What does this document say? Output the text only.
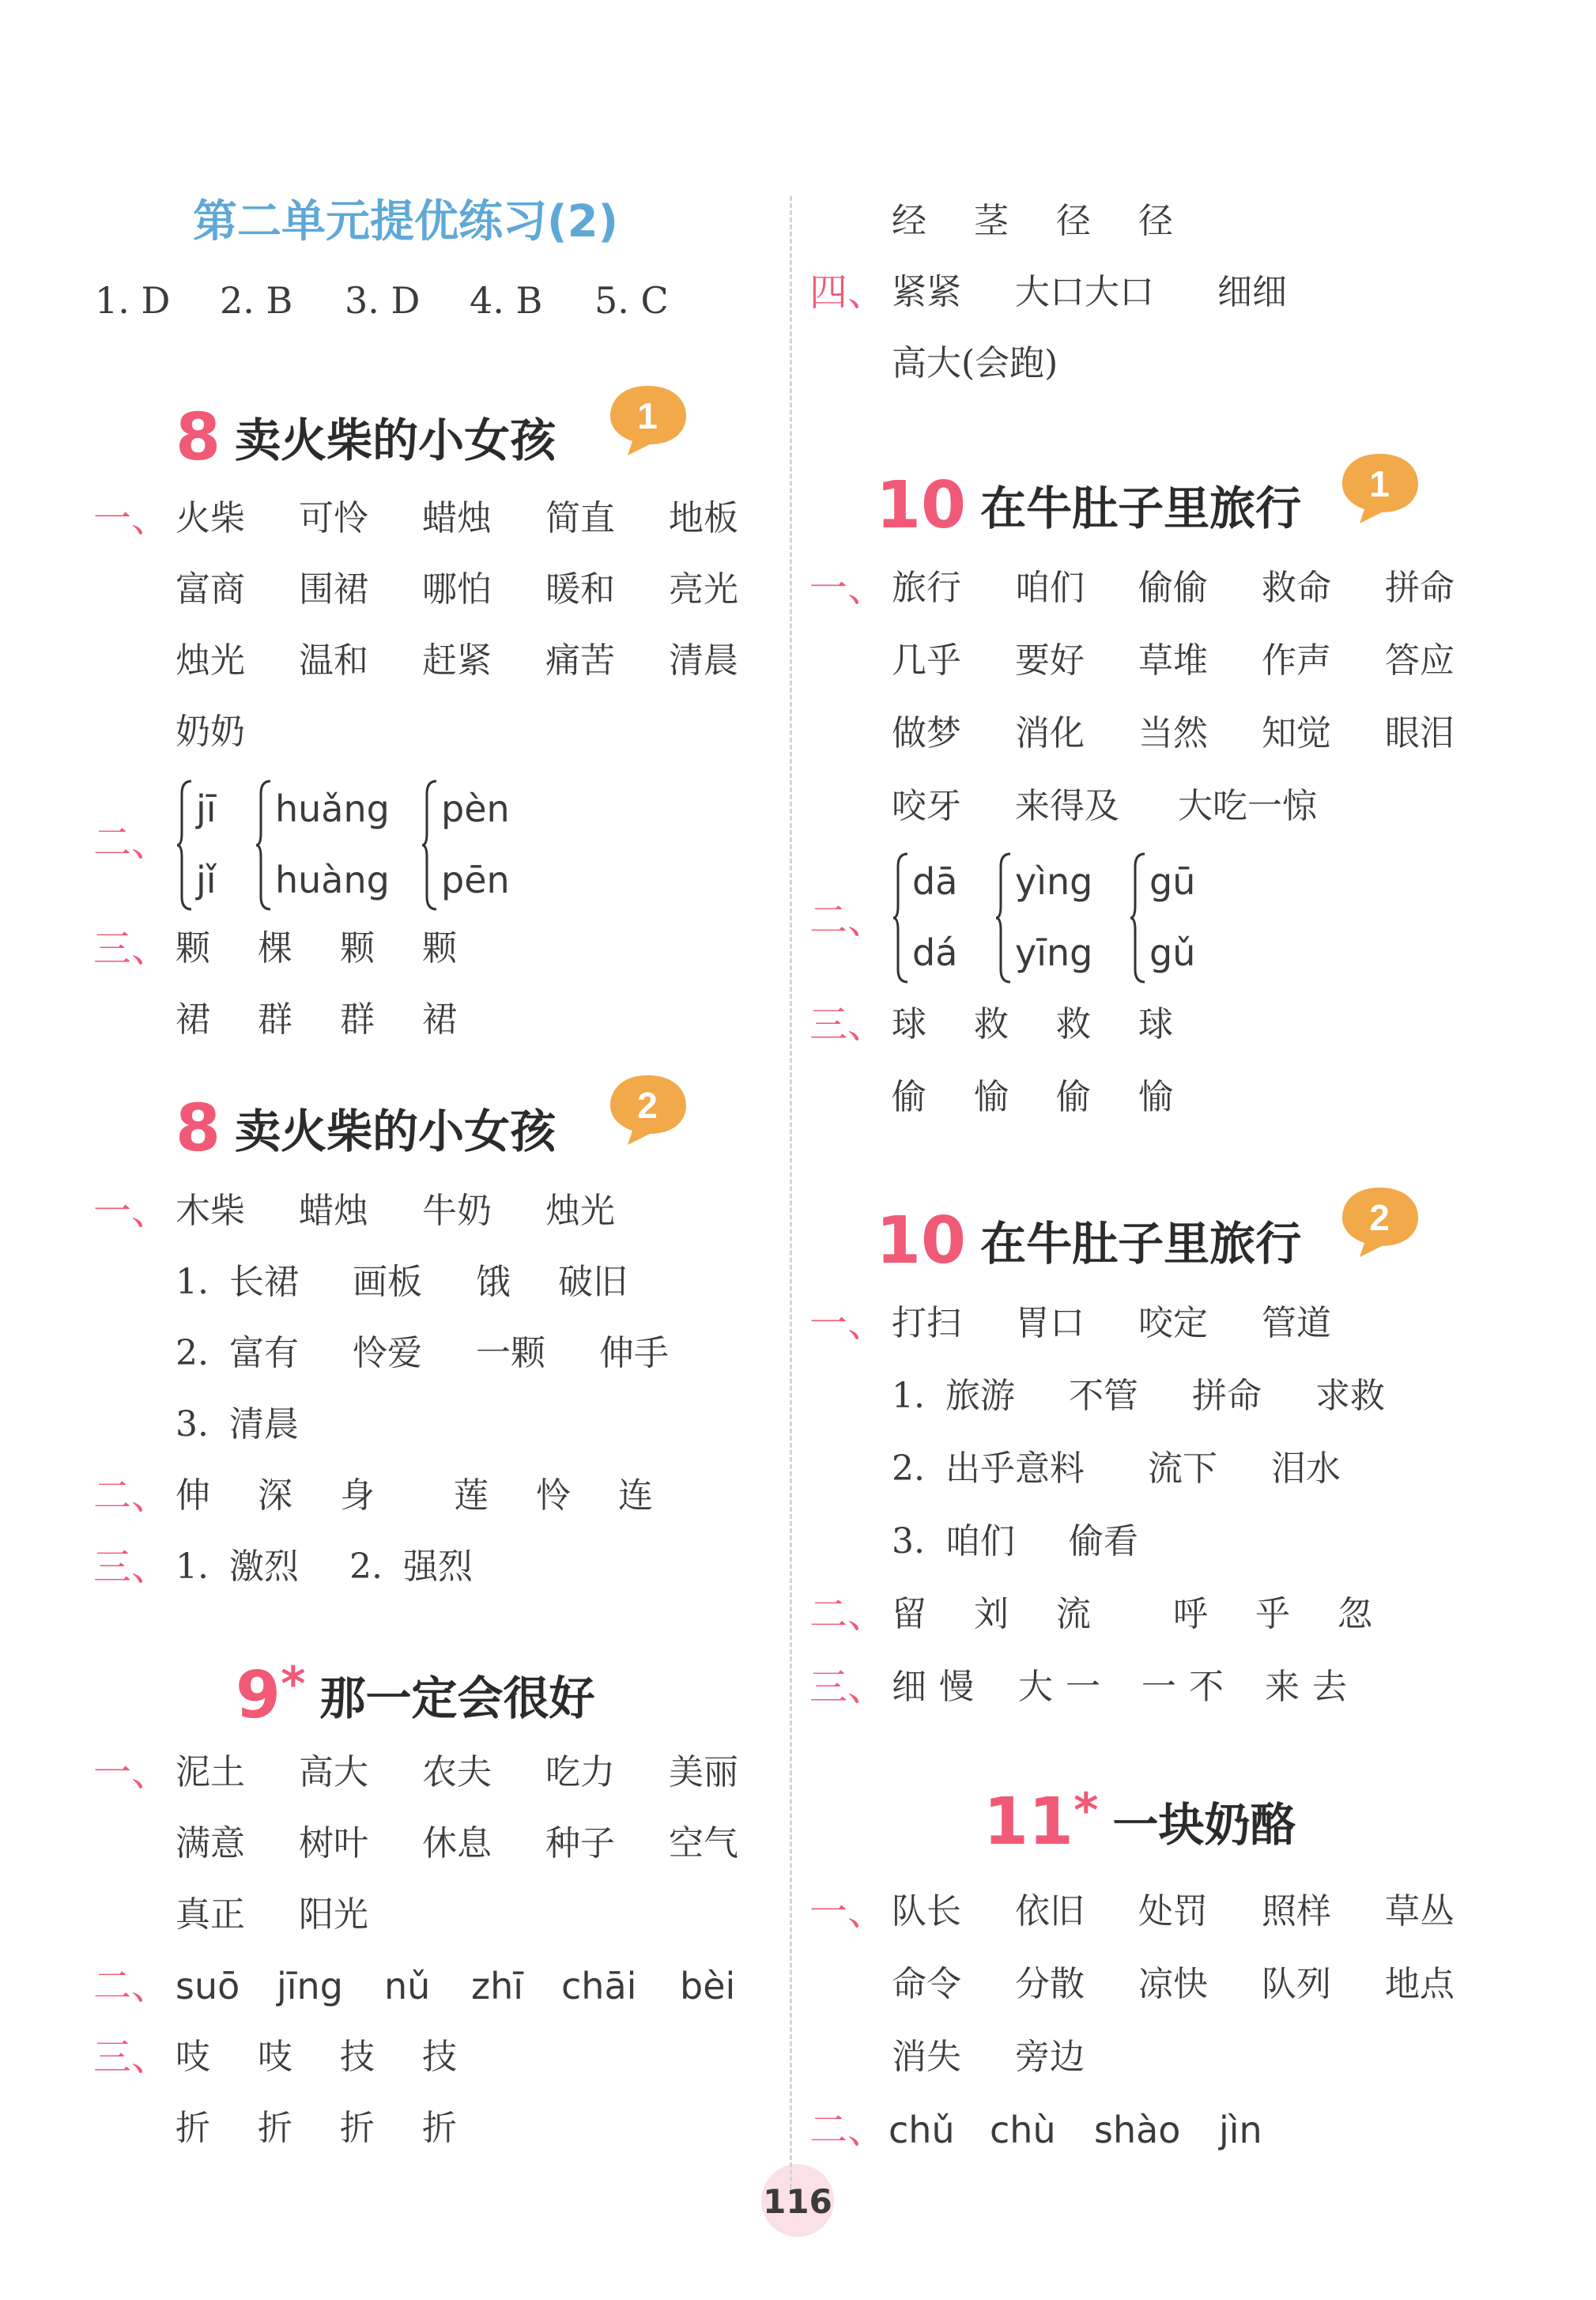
第二单元提优练习(2)
1. D 2. B 3. D 4. B 5. C
8 卖火柴的小女孩 1
一、 火柴 可怜 蜡烛 简直 地板
富商 围裙 哪怕 暖和 亮光
烛光 温和 赶紧 痛苦 清晨
奶奶
二、
jī
jǐ
huǎng
huàng
pèn
pēn
三、 颗 棵 颗 颗
裙 群 群 裙
8 卖火柴的小女孩 2
一、 木柴 蜡烛 牛奶 烛光
1. 长裙 画板 饿 破旧
2. 富有 怜爱 一颗 伸手
3. 清晨
二、 伸 深 身 莲 怜 连
三、 1. 激烈 2. 强烈
9* 那一定会很好
一、 泥土 高大 农夫 吃力 美丽
满意 树叶 休息 种子 空气
真正 阳光
二、 suō jīng nǔ zhī chāi bèi
三、 吱 吱 技 技
折 折 折 折
经 茎 径 径
四、 紧紧 大口大口 细细
高大(会跑)
10 在牛肚子里旅行 1
一、 旅行 咱们 偷偷 救命 拼命
几乎 要好 草堆 作声 答应
做梦 消化 当然 知觉 眼泪
咬牙 来得及 大吃一惊
二、
dā
dá
yìng
yīng
gū
gǔ
三、 球 救 救 球
偷 愉 偷 愉
10 在牛肚子里旅行 2
一、 打扫 胃口 咬定 管道
1. 旅游 不管 拼命 求救
2. 出乎意料 流下 泪水
3. 咱们 偷看
二、 留 刘 流 呼 乎 忽
三、 细 慢 大 一 一 不 来 去
11* 一块奶酪
一、 队长 依旧 处罚 照样 草丛
命令 分散 凉快 队列 地点
消失 旁边
二、 chǔ chù shào jìn
116
